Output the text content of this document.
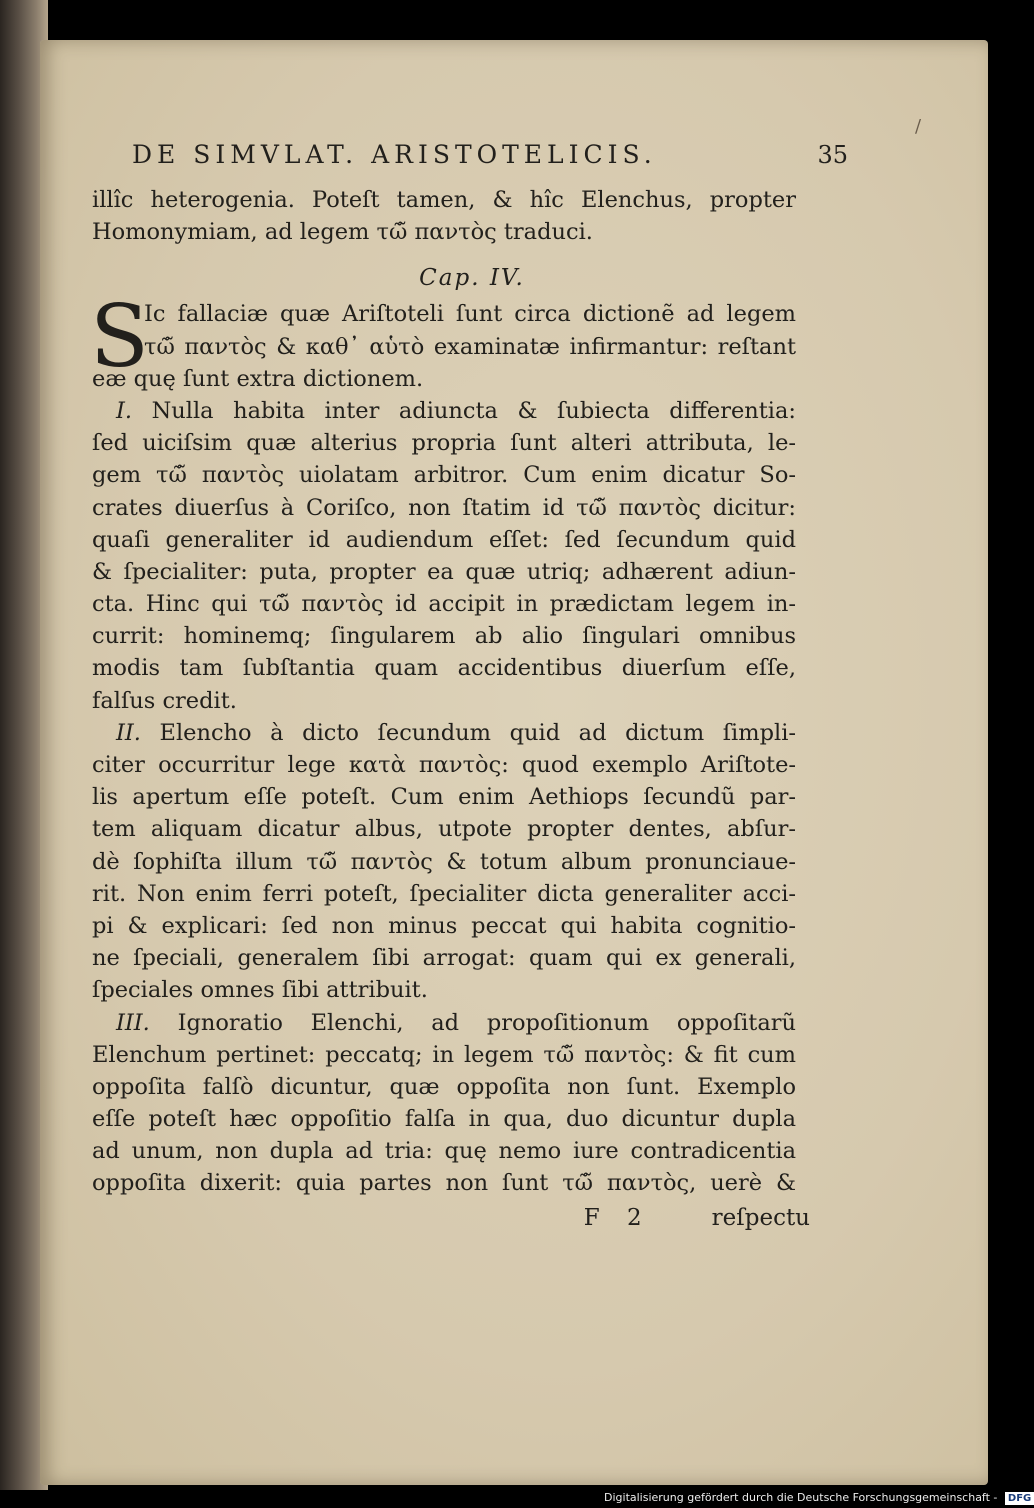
/
DE SIMVLAT. ARISTOTELICIS.	35
illîc heterogenia. Poteſt tamen, & hîc Elenchus, propter
Homonymiam, ad legem τῶ̃ παντὸς traduci.
Cap. IV.
S
Ic fallaciæ quæ Ariſtoteli ſunt circa dictionẽ ad legem
τῶ̃ παντὸς & καθ᾽ αὑτὸ examinatæ infirmantur: reſtant
eæ quę ſunt extra dictionem.
I. Nulla habita inter adiuncta & ſubiecta differentia:
ſed uiciſsim quæ alterius propria ſunt alteri attributa, le-
gem τῶ̃ παντὸς uiolatam arbitror. Cum enim dicatur So-
crates diuerſus à Coriſco, non ſtatim id τῶ̃ παντὸς dicitur:
quaſi generaliter id audiendum eſſet: ſed ſecundum quid
& ſpecialiter: puta, propter ea quæ utriq; adhærent adiun-
cta. Hinc qui τῶ̃ παντὸς id accipit in prædictam legem in-
currit: hominemq; ſingularem ab alio ſingulari omnibus
modis tam ſubſtantia quam accidentibus diuerſum eſſe,
falſus credit.
II. Elencho à dicto ſecundum quid ad dictum ſimpli-
citer occurritur lege κατὰ παντὸς: quod exemplo Ariſtote-
lis apertum eſſe poteſt. Cum enim Aethiops ſecundũ par-
tem aliquam dicatur albus, utpote propter dentes, abſur-
dè ſophiſta illum τῶ̃ παντὸς & totum album pronunciaue-
rit. Non enim ferri poteſt, ſpecialiter dicta generaliter acci-
pi & explicari: ſed non minus peccat qui habita cognitio-
ne ſpeciali, generalem ſibi arrogat: quam qui ex generali,
ſpeciales omnes ſibi attribuit.
III. Ignoratio Elenchi, ad propoſitionum oppoſitarũ
Elenchum pertinet: peccatq; in legem τῶ̃ παντὸς: & fit cum
oppoſita falſò dicuntur, quæ oppoſita non ſunt. Exemplo
eſſe poteſt hæc oppoſitio falſa in qua, duo dicuntur dupla
ad unum, non dupla ad tria: quę nemo iure contradicentia
oppoſita dixerit: quia partes non ſunt τῶ̃ παντὸς, uerè &
F 2	reſpectu
Digitalisierung gefördert durch die Deutsche Forschungsgemeinschaft - DFG
